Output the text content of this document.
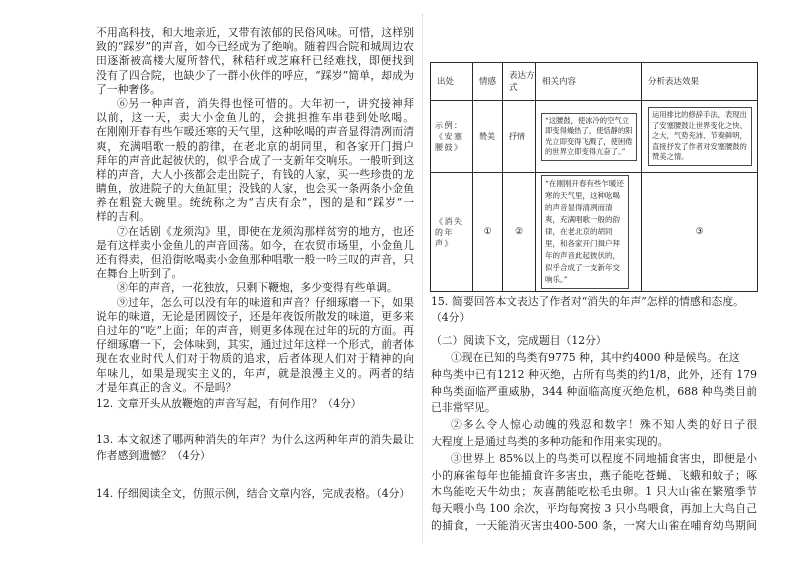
不用高科技，和大地亲近，又带有浓郁的民俗风味。可惜，这样别
致的“踩岁”的声音，如今已经成为了绝响。随着四合院和城周边农
田逐渐被高楼大厦所替代，秫秸秆或芝麻秆已经难找，即便找到
没有了四合院，也缺少了一群小伙伴的呼应，“踩岁”简单，却成为
了一种奢侈。
⑥另一种声音，消失得也怪可惜的。大年初一，讲究接神拜
以前，这一天，卖大小金鱼儿的，会挑担推车串巷到处吆喝。
在刚刚开春有些乍暖还寒的天气里，这种吆喝的声音显得清冽而清
爽，充满唱歌一般的韵律，在老北京的胡同里，和各家开门揖户
拜年的声音此起彼伏的，似乎合成了一支新年交响乐。一般听到这
样的声音，大人小孩都会走出院子，有钱的人家，买一些珍贵的龙
睛鱼，放进院子的大鱼缸里；没钱的人家，也会买一条两条小金鱼
养在粗瓷大碗里。统统称之为“吉庆有余”，图的是和“踩岁”一
样的吉利。
⑦在话剧《龙须沟》里，即使在龙须沟那样贫穷的地方，也还
是有这样卖小金鱼儿的声音回荡。如今，在农贸市场里，小金鱼儿
还有得卖，但沿街吆喝卖小金鱼那种唱歌一般一吟三叹的声音，只
在舞台上听到了。
⑧年的声音，一花独放，只剩下鞭炮，多少变得有些单调。
⑨过年，怎么可以没有年的味道和声音？仔细琢磨一下，如果
说年的味道，无论是团圆饺子，还是年夜饭所散发的味道，更多来
自过年的“吃”上面；年的声音，则更多体现在过年的玩的方面。再
仔细琢磨一下，会体味到，其实，通过过年这样一个形式，前者体
现在农业时代人们对于物质的追求，后者体现人们对于精神的向
年味儿，如果是现实主义的，年声，就是浪漫主义的。两者的结
才是年真正的含义。不是吗？
12. 文章开头从放鞭炮的声音写起，有何作用？（4分）
13. 本文叙述了哪两种消失的年声？为什么这两种年声的消失最让
作者感到遗憾？（4分）
14. 仔细阅读全文，仿照示例，结合文章内容，完成表格。（4分）
出处	情感	表达方式	相关内容	分析表达效果
示例：《安塞腰鼓》	赞美	抒情	“这腰鼓，使冰冷的空气立即变得燥热了，使恬静的阳光立即变得飞溅了，使困倦的世界立即变得亢奋了。”	运用排比的修辞手法，表现出了安塞腰鼓让世界变化之快、之大，气势充沛、节奏鲜明，直接抒发了作者对安塞腰鼓的赞美之情。

《消失的年声》	①	②	“在刚刚开春有些乍暖还寒的天气里，这种吆喝的声音显得清冽而清爽，充满唱歌一般的韵律，在老北京的胡同里，和各家开门揖户拜年的声音此起彼伏的，似乎合成了一支新年交响乐。”	③
15. 简要回答本文表达了作者对“消失的年声”怎样的情感和态度。
（4分）
（二）阅读下文，完成题目（12分）
①现在已知的鸟类有9775 种，其中约4000 种是候鸟。在这
种鸟类中已有1212 种灭绝，占所有鸟类的约1/8，此外，还有 179
种鸟类面临严重威胁，344 种面临高度灭绝危机，688 种鸟类目前
已非常罕见。
②多么令人惊心动魄的残忍和数字！殊不知人类的好日子很
大程度上是通过鸟类的多种功能和作用来实现的。
③世界上 85%以上的鸟类可以程度不同地捕食害虫，即便是小
小的麻雀每年也能捕食许多害虫，燕子能吃苍蝇、飞蛾和蚊子；啄
木鸟能吃天牛幼虫；灰喜鹊能吃松毛虫卵。1 只大山雀在繁殖季节
每天喂小鸟 100 余次，平均每窝按 3 只小鸟喂食，再加上大鸟自己
的捕食，一天能消灭害虫400-500 条，一窝大山雀在哺育幼鸟期间
